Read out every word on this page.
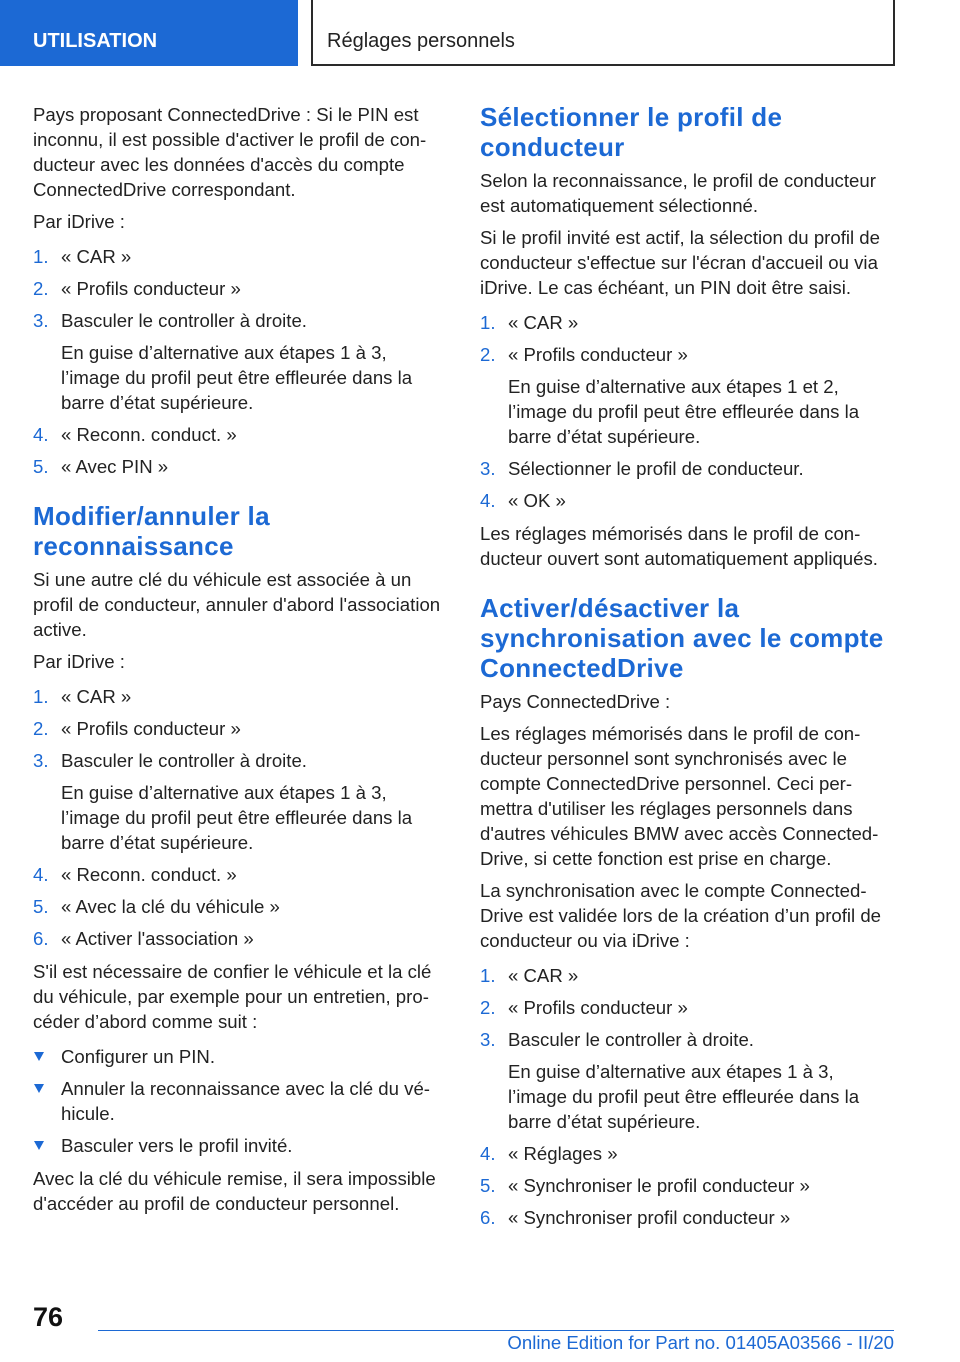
UTILISATION	Réglages personnels

Pays proposant ConnectedDrive : Si le PIN est inconnu, il est possible d'activer le profil de conducteur avec les données d'accès du compte ConnectedDrive correspondant.

Par iDrive :

1. « CAR »
2. « Profils conducteur »
3. Basculer le controller à droite.
En guise d’alternative aux étapes 1 à 3, l’image du profil peut être effleurée dans la barre d’état supérieure.
4. « Reconn. conduct. »
5. « Avec PIN »
Modifier/annuler la reconnaissance

Si une autre clé du véhicule est associée à un profil de conducteur, annuler d'abord l'association active.

Par iDrive :

1. « CAR »
2. « Profils conducteur »
3. Basculer le controller à droite.
En guise d’alternative aux étapes 1 à 3, l’image du profil peut être effleurée dans la barre d’état supérieure.
4. « Reconn. conduct. »
5. « Avec la clé du véhicule »
6. « Activer l'association »

S'il est nécessaire de confier le véhicule et la clé du véhicule, par exemple pour un entretien, procéder d’abord comme suit :

Configurer un PIN.
Annuler la reconnaissance avec la clé du véhicule.
Basculer vers le profil invité.

Avec la clé du véhicule remise, il sera impossible d'accéder au profil de conducteur personnel.

Sélectionner le profil de conducteur

Selon la reconnaissance, le profil de conducteur est automatiquement sélectionné.

Si le profil invité est actif, la sélection du profil de conducteur s'effectue sur l'écran d'accueil ou via iDrive. Le cas échéant, un PIN doit être saisi.

1. « CAR »
2. « Profils conducteur »
En guise d’alternative aux étapes 1 et 2, l’image du profil peut être effleurée dans la barre d’état supérieure.
3. Sélectionner le profil de conducteur.
4. « OK »

Les réglages mémorisés dans le profil de conducteur ouvert sont automatiquement appliqués.

Activer/désactiver la synchronisation avec le compte ConnectedDrive

Pays ConnectedDrive :

Les réglages mémorisés dans le profil de conducteur personnel sont synchronisés avec le compte ConnectedDrive personnel. Ceci permettra d'utiliser les réglages personnels dans d'autres véhicules BMW avec accès ConnectedDrive, si cette fonction est prise en charge.

La synchronisation avec le compte ConnectedDrive est validée lors de la création d’un profil de conducteur ou via iDrive :

1. « CAR »
2. « Profils conducteur »
3. Basculer le controller à droite.
En guise d’alternative aux étapes 1 à 3, l’image du profil peut être effleurée dans la barre d’état supérieure.
4. « Réglages »
5. « Synchroniser le profil conducteur »
6. « Synchroniser profil conducteur »
76
Online Edition for Part no. 01405A03566 - II/20
